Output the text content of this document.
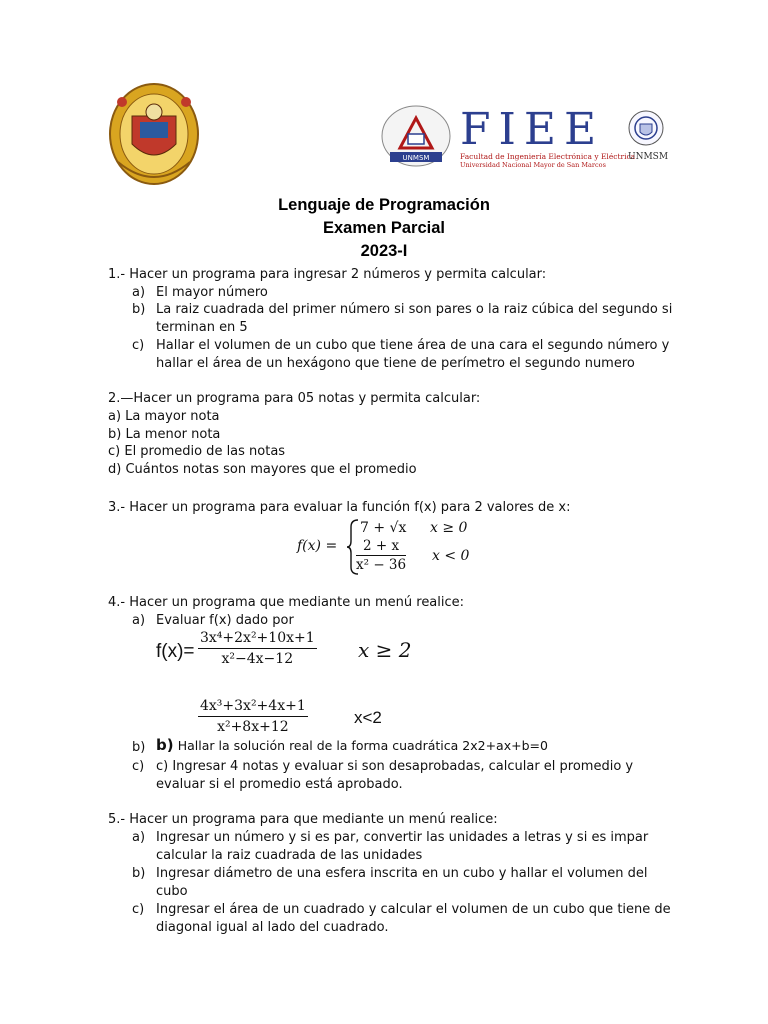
UNMSM
FIEE
Facultad de Ingeniería Electrónica y Eléctrica
Universidad Nacional Mayor de San Marcos
UNMSM
Lenguaje de Programación
Examen Parcial
2023-I
1.- Hacer un programa para ingresar 2 números y permita calcular:
a) El mayor número
b) La raiz cuadrada del primer número si son pares o la raiz cúbica del segundo si
terminan en 5
c) Hallar el volumen de un cubo que tiene área de una cara el segundo número y
hallar el área de un hexágono que tiene de perímetro el segundo numero
2.—Hacer un programa para 05 notas y permita calcular:
a) La mayor nota
b) La menor nota
c) El promedio de las notas
d) Cuántos notas son mayores que el promedio
3.- Hacer un programa para evaluar la función f(x) para 2 valores de x:
f(x) =
7 + √x x ≥ 0
$\frac{2 + x}{\text{x² − 36}}$ x < 0
4.- Hacer un programa que mediante un menú realice:
a) Evaluar f(x) dado por
$f(x)= \frac{\text{3x⁴+2x²+10x+1}}{\text{x²−4x−12}}$ x ≥ 2
$\frac{\text{4x³+3x²+4x+1}}{\text{x²+8x+12}}$	x<2
b) b) Hallar la solución real de la forma cuadrática 2x2+ax+b=0
c) c) Ingresar 4 notas y evaluar si son desaprobadas, calcular el promedio y
evaluar si el promedio está aprobado.
5.- Hacer un programa para que mediante un menú realice:
a) Ingresar un número y si es par, convertir las unidades a letras y si es impar
calcular la raiz cuadrada de las unidades
b) Ingresar diámetro de una esfera inscrita en un cubo y hallar el volumen del
cubo
c) Ingresar el área de un cuadrado y calcular el volumen de un cubo que tiene de
diagonal igual al lado del cuadrado.
